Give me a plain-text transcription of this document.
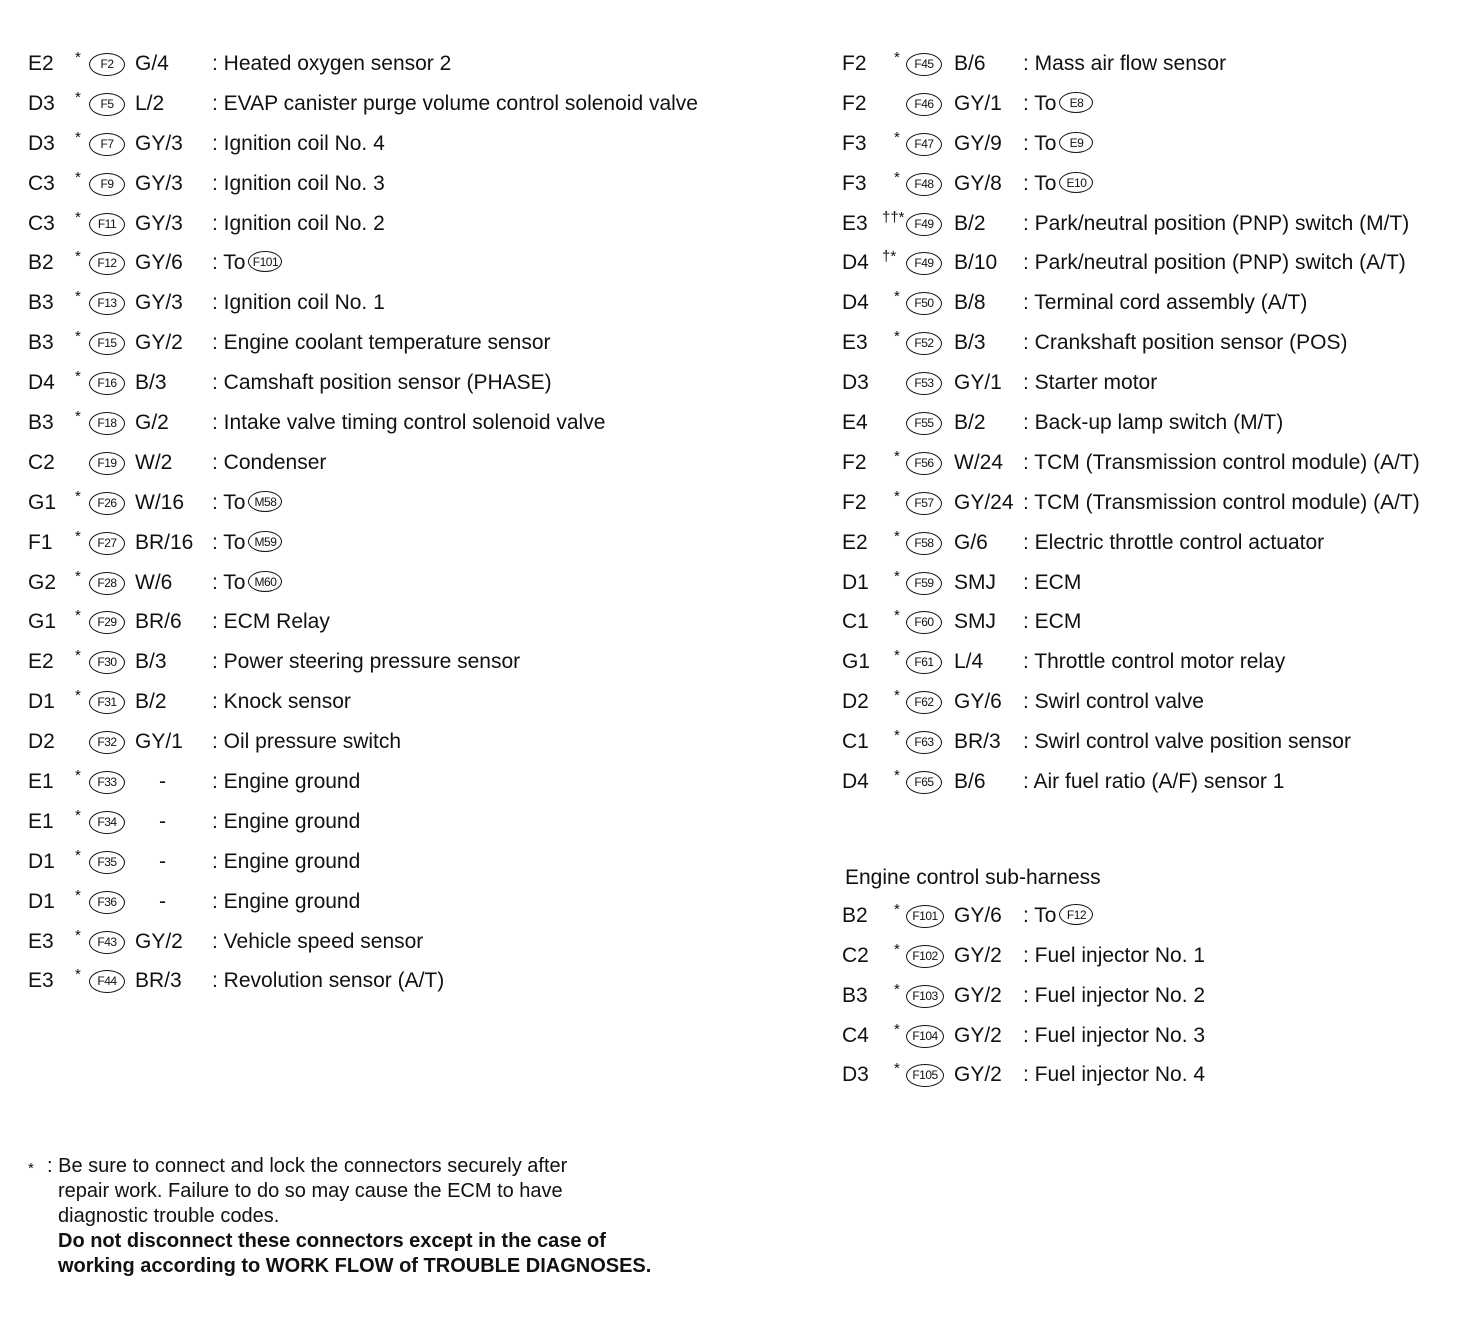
E2 *	F2	G/4 : Heated oxygen sensor 2
D3 *	F5	L/2 : EVAP canister purge volume control solenoid valve
D3 *	F7	GY/3 : Ignition coil No. 4
C3 *	F9	GY/3 : Ignition coil No. 3
C3 *	F11 GY/3 : Ignition coil No. 2
B2 *	F12 GY/6 : To F101
B3 *	F13 GY/3 : Ignition coil No. 1
B3 *	F15 GY/2 : Engine coolant temperature sensor
D4 *	F16 B/3 : Camshaft position sensor (PHASE)
B3 *	F18 G/2 : Intake valve timing control solenoid valve
C2	F19 W/2 : Condenser
G1 *	F26 W/16 : To M58
F1 *	F27 BR/16 : To M59
G2 *	F28 W/6 : To M60
G1 *	F29 BR/6 : ECM Relay
E2 *	F30 B/3 : Power steering pressure sensor
D1 *	F31 B/2 : Knock sensor
D2	F32 GY/1 : Oil pressure switch
E1 *	F33	- : Engine ground
E1 *	F34	- : Engine ground
D1 *	F35	- : Engine ground
D1 *	F36	- : Engine ground
E3 *	F43 GY/2 : Vehicle speed sensor
E3 *	F44 BR/3 : Revolution sensor (A/T)
F2 *	F45 B/6 : Mass air flow sensor
F2	F46 GY/1 : To E8
F3 *	F47 GY/9 : To E9
F3 *	F48 GY/8 : To E10
E3 ††* F49 B/2 : Park/neutral position (PNP) switch (M/T)
D4 †*	F49 B/10 : Park/neutral position (PNP) switch (A/T)
D4 *	F50 B/8 : Terminal cord assembly (A/T)
E3 *	F52 B/3 : Crankshaft position sensor (POS)
D3	F53 GY/1 : Starter motor
E4	F55 B/2 : Back-up lamp switch (M/T)
F2 *	F56 W/24 : TCM (Transmission control module) (A/T)
F2 *	F57 GY/24 : TCM (Transmission control module) (A/T)
E2 *	F58 G/6 : Electric throttle control actuator
D1 *	F59 SMJ : ECM
C1 *	F60 SMJ : ECM
G1 *	F61 L/4 : Throttle control motor relay
D2 *	F62 GY/6 : Swirl control valve
C1 *	F63 BR/3 : Swirl control valve position sensor
D4 *	F65 B/6 : Air fuel ratio (A/F) sensor 1
Engine control sub-harness
B2 *	F101 GY/6 : To F12
C2 *	F102 GY/2 : Fuel injector No. 1
B3 *	F103 GY/2 : Fuel injector No. 2
C4 *	F104 GY/2 : Fuel injector No. 3
D3 *	F105 GY/2 : Fuel injector No. 4
* : Be sure to connect and lock the connectors securely after
repair work. Failure to do so may cause the ECM to have
diagnostic trouble codes.
Do not disconnect these connectors except in the case of
working according to WORK FLOW of TROUBLE DIAGNOSES.
